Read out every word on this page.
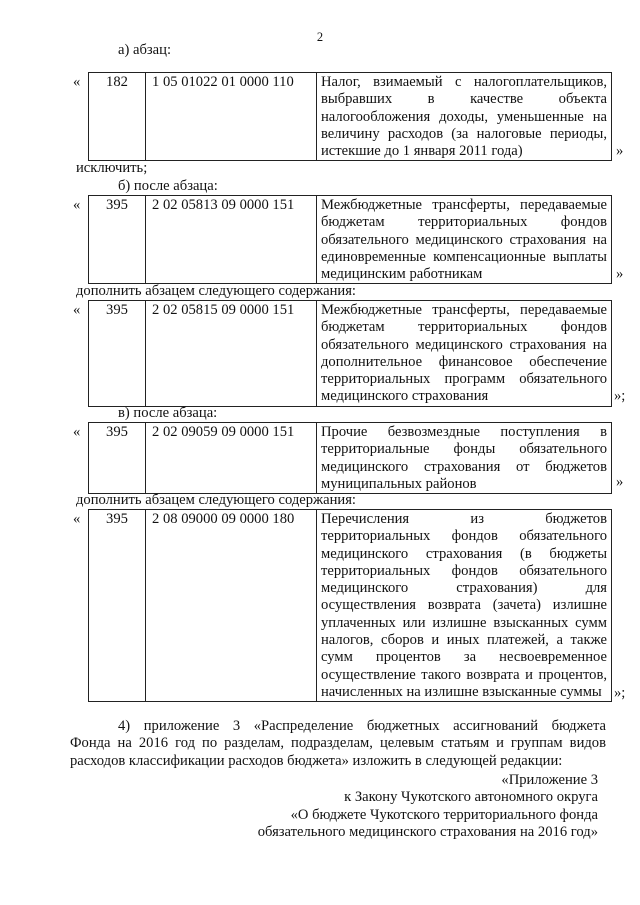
2
а) абзац:
« 182	1 05 01022 01 0000 110	Налог, взимаемый с налогоплательщиков,
выбравших в качестве объекта
налогообложения доходы, уменьшенные на
величину расходов (за налоговые периоды,
истекшие до 1 января 2011 года)	»
исключить;
б) после абзаца:
« 395	2 02 05813 09 0000 151	Межбюджетные трансферты, передаваемые
бюджетам территориальных фондов
обязательного медицинского страхования на
единовременные компенсационные выплаты
медицинским работникам	»
дополнить абзацем следующего содержания:
« 395	2 02 05815 09 0000 151	Межбюджетные трансферты, передаваемые
бюджетам территориальных фондов
обязательного медицинского страхования на
дополнительное финансовое обеспечение
территориальных программ обязательного
медицинского страхования	»;
в) после абзаца:
« 395	2 02 09059 09 0000 151	Прочие безвозмездные поступления в
территориальные фонды обязательного
медицинского страхования от бюджетов
муниципальных районов	»
дополнить абзацем следующего содержания:
« 395	2 08 09000 09 0000 180	Перечисления из бюджетов
территориальных фондов обязательного
медицинского страхования (в бюджеты
территориальных фондов обязательного
медицинского страхования) для
осуществления возврата (зачета) излишне
уплаченных или излишне взысканных сумм
налогов, сборов и иных платежей, а также
сумм процентов за несвоевременное
осуществление такого возврата и процентов,
начисленных на излишне взысканные суммы »;
4) приложение 3 «Распределение бюджетных ассигнований бюджета
Фонда на 2016 год по разделам, подразделам, целевым статьям и группам видов
расходов классификации расходов бюджета» изложить в следующей редакции:
«Приложение 3
к Закону Чукотского автономного округа
«О бюджете Чукотского территориального фонда
обязательного медицинского страхования на 2016 год»
